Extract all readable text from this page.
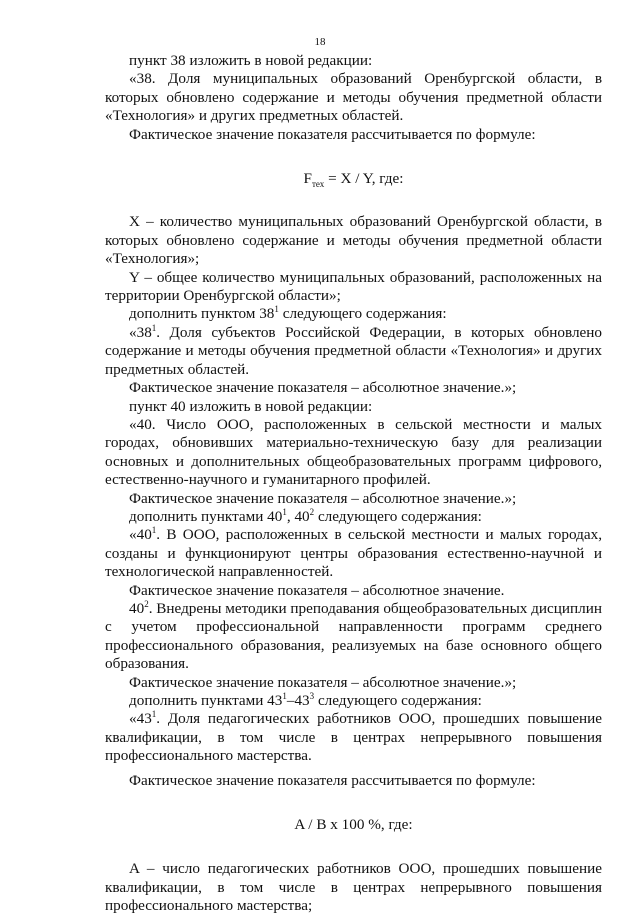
18

пункт 38 изложить в новой редакции:

«38. Доля муниципальных образований Оренбургской области, в которых обновлено содержание и методы обучения предметной области «Технология» и других предметных областей.

Фактическое значение показателя рассчитывается по формуле:

$F_{тех} = X / Y$, где:

X – количество муниципальных образований Оренбургской области, в которых обновлено содержание и методы обучения предметной области «Технология»;

Y – общее количество муниципальных образований, расположенных на территории Оренбургской области»;

дополнить пунктом $38^1$ следующего содержания:

«$38^1$. Доля субъектов Российской Федерации, в которых обновлено содержание и методы обучения предметной области «Технология» и других предметных областей.

Фактическое значение показателя – абсолютное значение.»;

пункт 40 изложить в новой редакции:

«40. Число ООО, расположенных в сельской местности и малых городах, обновивших материально-техническую базу для реализации основных и дополнительных общеобразовательных программ цифрового, естественно-научного и гуманитарного профилей.

Фактическое значение показателя – абсолютное значение.»;

дополнить пунктами $40^1$, $40^2$ следующего содержания:

«$40^1$. В ООО, расположенных в сельской местности и малых городах, созданы и функционируют центры образования естественно-научной и технологической направленностей.

Фактическое значение показателя – абсолютное значение.

$40^2$. Внедрены методики преподавания общеобразовательных дисциплин с учетом профессиональной направленности программ среднего профессионального образования, реализуемых на базе основного общего образования.

Фактическое значение показателя – абсолютное значение.»;

дополнить пунктами $43^1-43^3$ следующего содержания:

«$43^1$. Доля педагогических работников ООО, прошедших повышение квалификации, в том числе в центрах непрерывного повышения профессионального мастерства.

Фактическое значение показателя рассчитывается по формуле:

A / B x 100 %, где:

A – число педагогических работников ООО, прошедших повышение квалификации, в том числе в центрах непрерывного повышения профессионального мастерства;
